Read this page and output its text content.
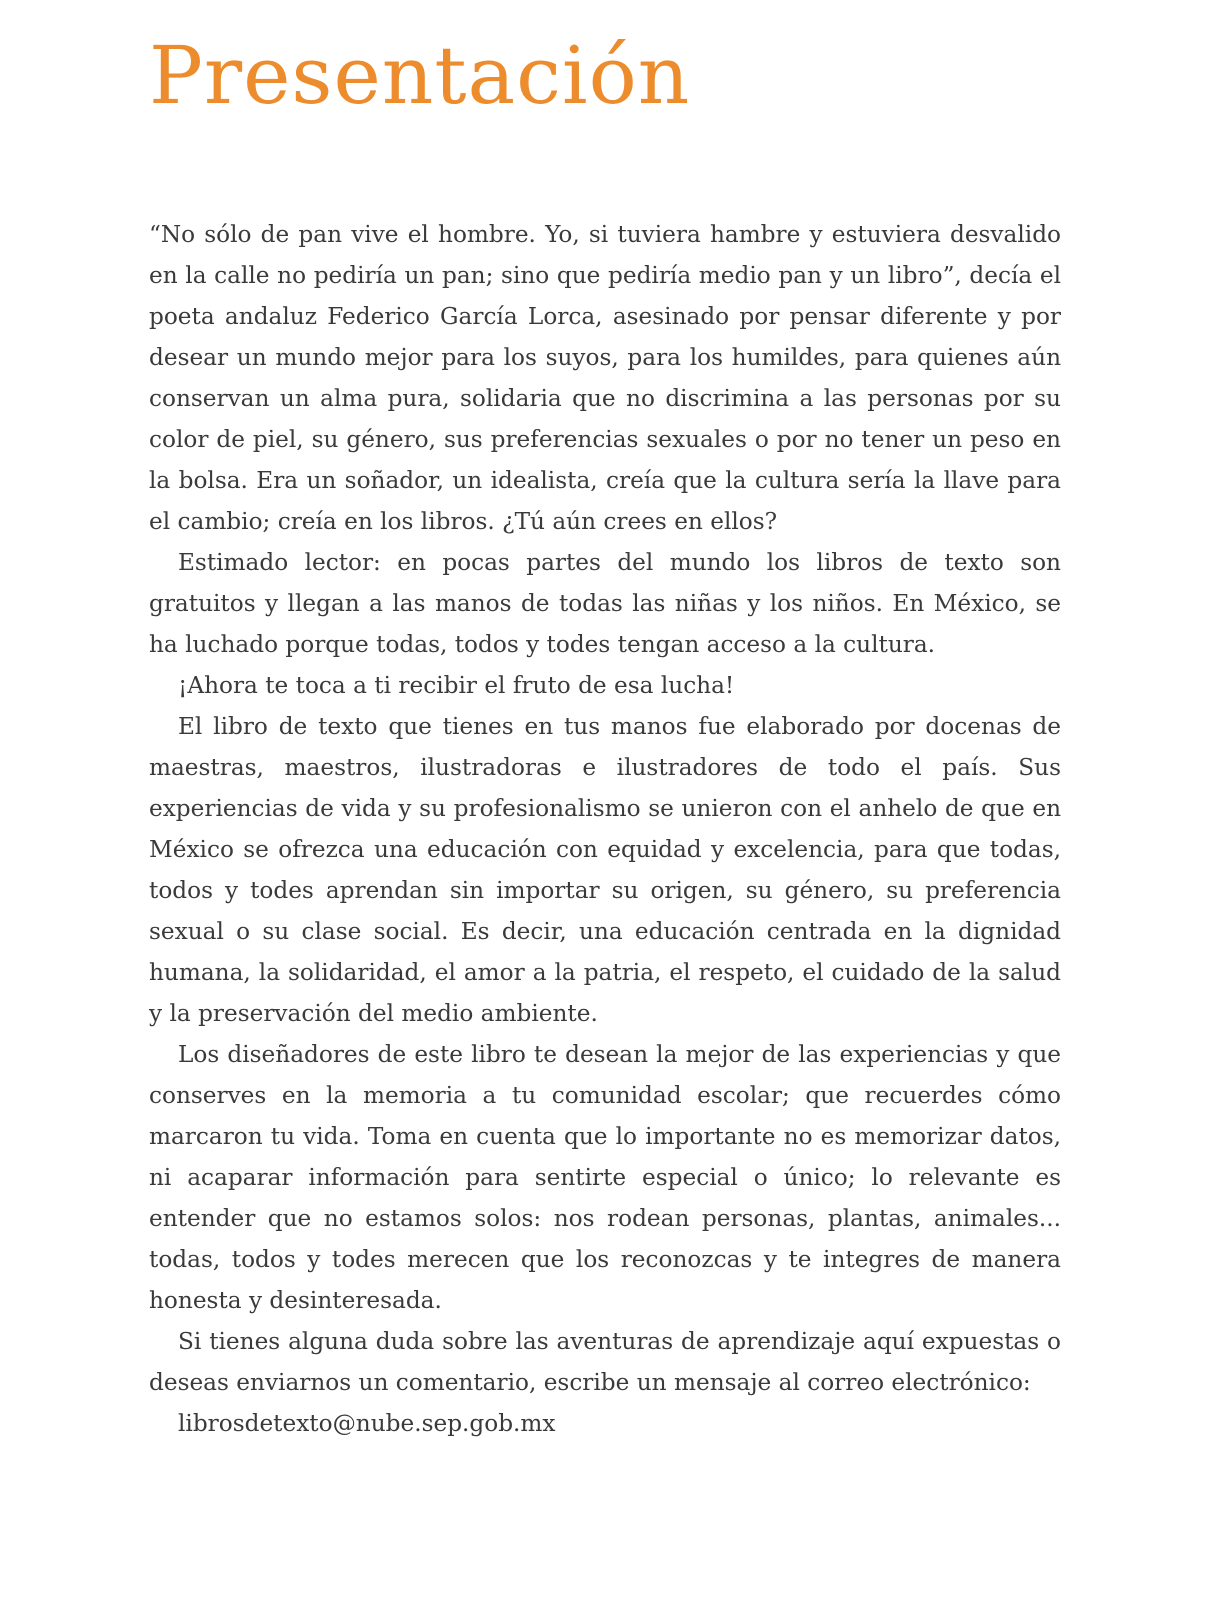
Presentación

“No sólo de pan vive el hombre. Yo, si tuviera hambre y estuviera desvalido en la calle no pediría un pan; sino que pediría medio pan y un libro”, decía el poeta andaluz Federico García Lorca, asesinado por pensar diferente y por desear un mundo mejor para los suyos, para los humildes, para quienes aún conservan un alma pura, solidaria que no discrimina a las personas por su color de piel, su género, sus preferencias sexuales o por no tener un peso en la bolsa. Era un soñador, un idealista, creía que la cultura sería la llave para el cambio; creía en los libros. ¿Tú aún crees en ellos?

Estimado lector: en pocas partes del mundo los libros de texto son gratuitos y llegan a las manos de todas las niñas y los niños. En México, se ha luchado porque todas, todos y todes tengan acceso a la cultura.

¡Ahora te toca a ti recibir el fruto de esa lucha!

El libro de texto que tienes en tus manos fue elaborado por docenas de maestras, maestros, ilustradoras e ilustradores de todo el país. Sus experiencias de vida y su profesionalismo se unieron con el anhelo de que en México se ofrezca una educación con equidad y excelencia, para que todas, todos y todes aprendan sin importar su origen, su género, su preferencia sexual o su clase social. Es decir, una educación centrada en la dignidad humana, la solidaridad, el amor a la patria, el respeto, el cuidado de la salud y la preservación del medio ambiente.

Los diseñadores de este libro te desean la mejor de las experiencias y que conserves en la memoria a tu comunidad escolar; que recuerdes cómo marcaron tu vida. Toma en cuenta que lo importante no es memorizar datos, ni acaparar información para sentirte especial o único; lo relevante es entender que no estamos solos: nos rodean personas, plantas, animales... todas, todos y todes merecen que los reconozcas y te integres de manera honesta y desinteresada.

Si tienes alguna duda sobre las aventuras de aprendizaje aquí expuestas o deseas enviarnos un comentario, escribe un mensaje al correo electrónico:
librosdetexto@nube.sep.gob.mx
